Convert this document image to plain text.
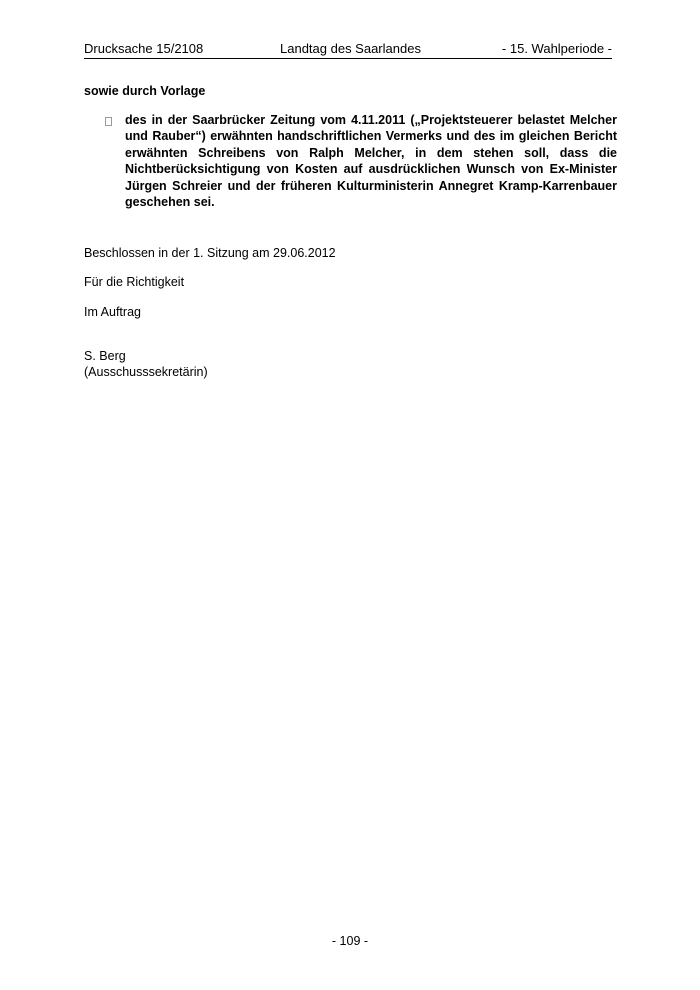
Drucksache 15/2108	Landtag des Saarlandes	- 15. Wahlperiode -
sowie durch Vorlage
des in der Saarbrücker Zeitung vom 4.11.2011 („Projektsteuerer belastet Melcher und Rauber“) erwähnten handschriftlichen Vermerks und des im gleichen Bericht erwähnten Schreibens von Ralph Melcher, in dem stehen soll, dass die Nichtberücksichtigung von Kosten auf ausdrücklichen Wunsch von Ex-Minister Jürgen Schreier und der früheren Kulturministerin Annegret Kramp-Karrenbauer geschehen sei.
Beschlossen in der 1. Sitzung am 29.06.2012
Für die Richtigkeit
Im Auftrag
S. Berg
(Ausschusssekretärin)
- 109 -
